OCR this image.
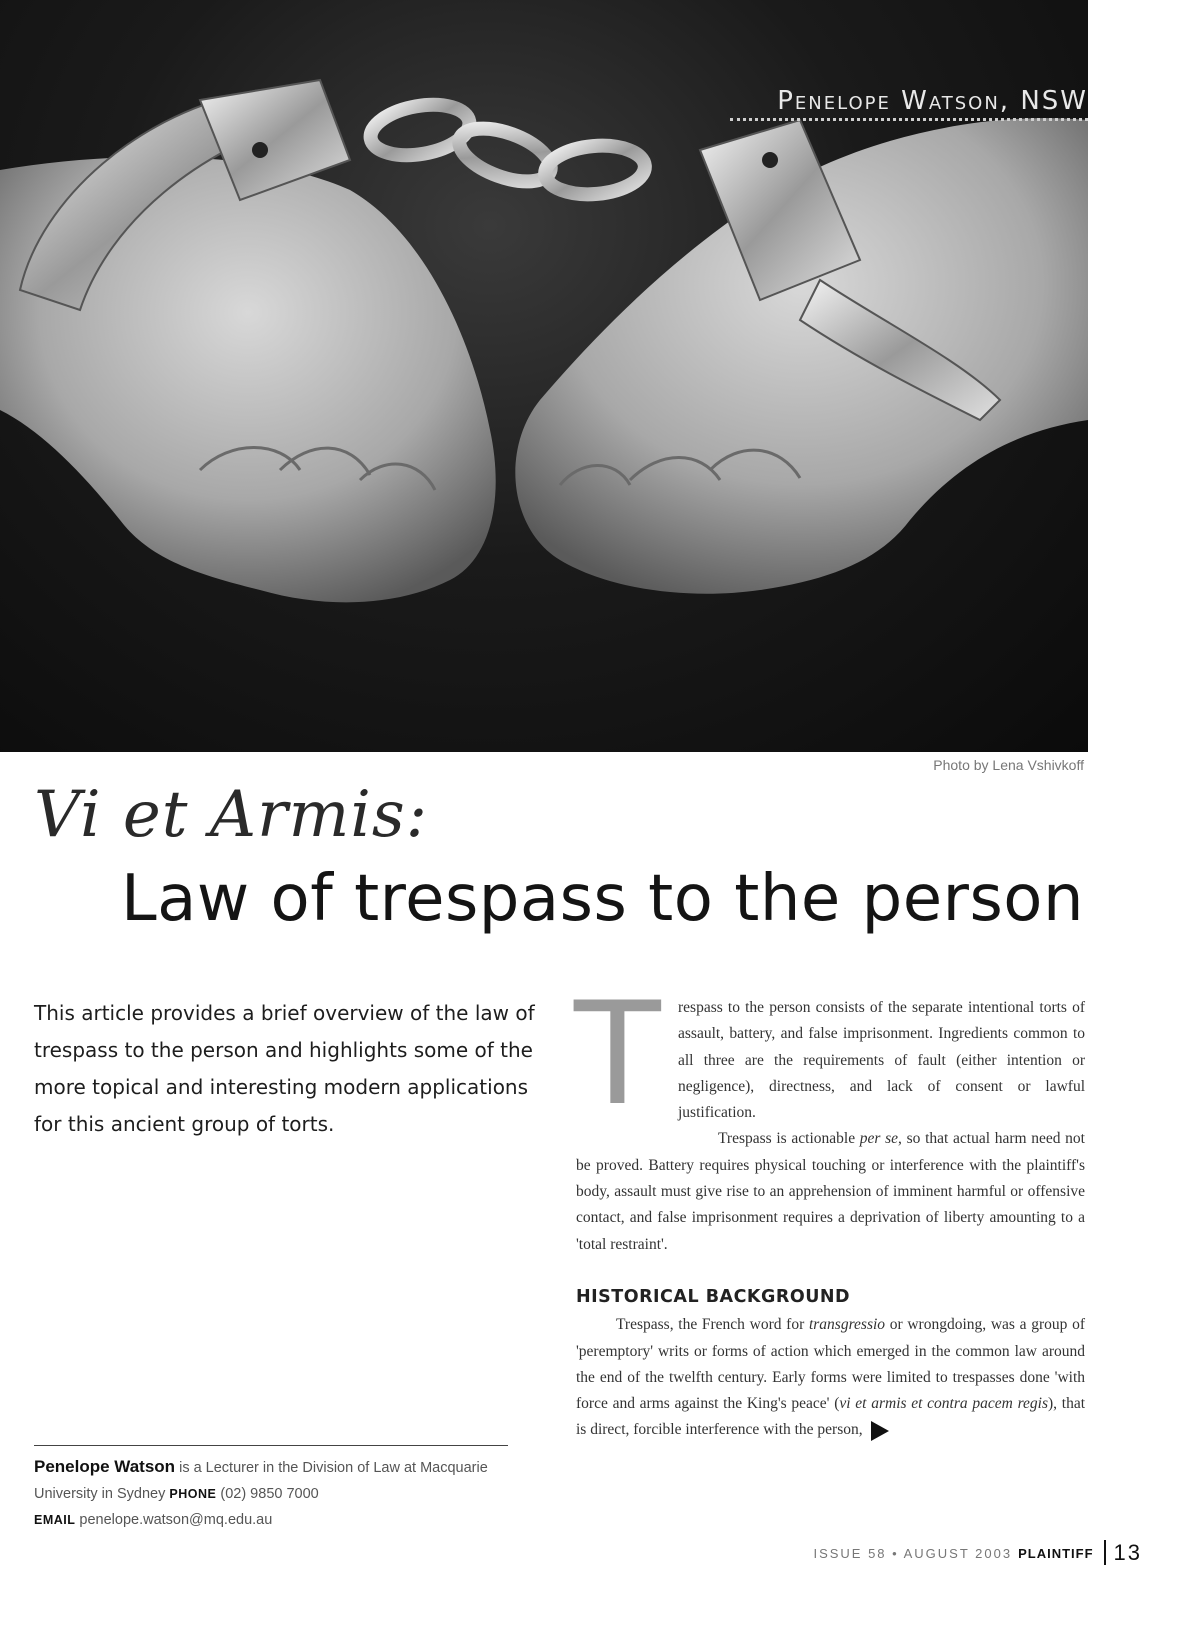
Penelope Watson, NSW
Photo by Lena Vshivkoff
Vi et Armis:
Law of trespass to the person
This article provides a brief overview of the law of trespass to the person and highlights some of the more topical and interesting modern applications for this ancient group of torts.
Penelope Watson is a Lecturer in the Division of Law at Macquarie University in Sydney PHONE (02) 9850 7000
EMAIL penelope.watson@mq.edu.au

T	respass to the person consists of the separate intentional torts of assault, battery, and false imprisonment. Ingredients common to all three are the requirements of fault (either intention or negligence), directness, and lack of consent or lawful justification.

Trespass is actionable per se, so that actual harm need not be proved. Battery requires physical touching or interference with the plaintiff's body, assault must give rise to an apprehension of imminent harmful or offensive contact, and false imprisonment requires a deprivation of liberty amounting to a 'total restraint'.

HISTORICAL BACKGROUND

Trespass, the French word for transgressio or wrongdoing, was a group of 'peremptory' writs or forms of action which emerged in the common law around the end of the twelfth century. Early forms were limited to trespasses done 'with force and arms against the King's peace' (vi et armis et contra pacem regis), that is direct, forcible interference with the person,

ISSUE 58 • AUGUST 2003 PLAINTIFF 13
